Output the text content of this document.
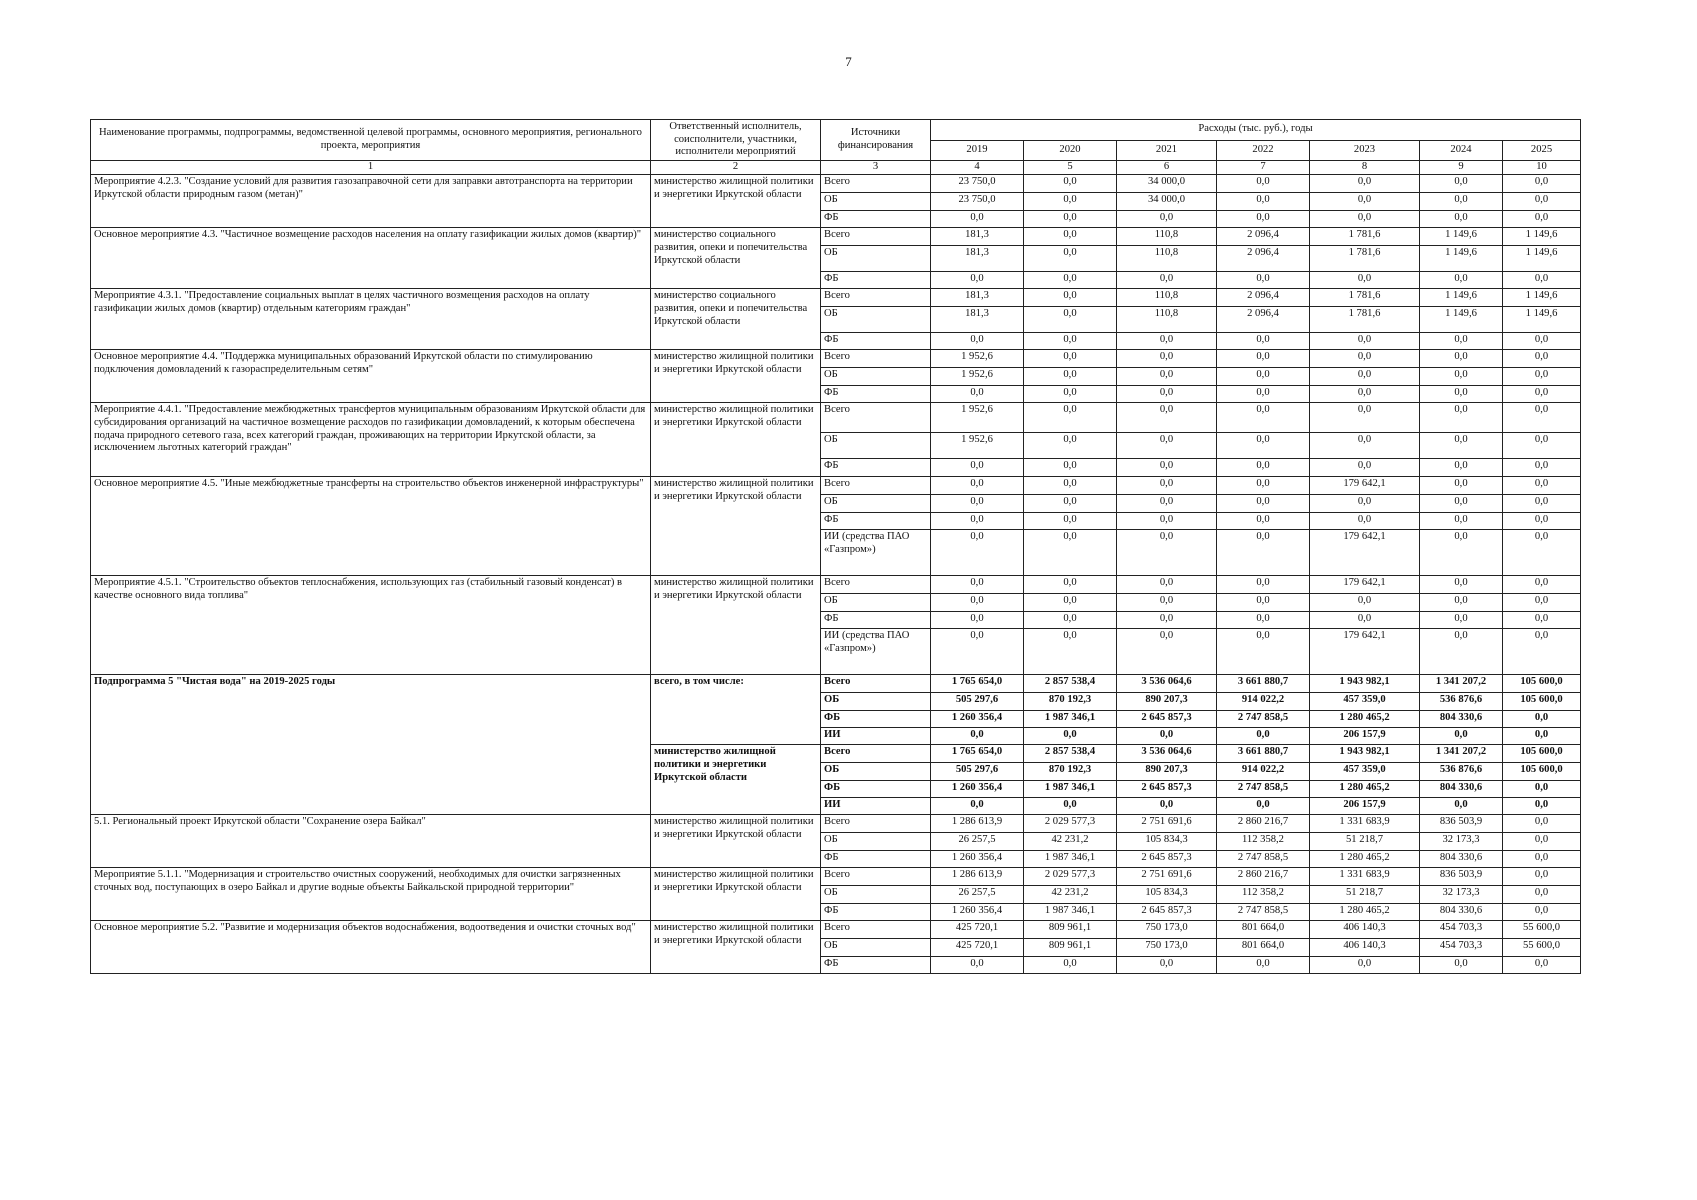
7
Наименование программы, подпрограммы, ведомственной целевой программы, основного мероприятия, регионального проекта, мероприятия	Ответственный исполнитель, соисполнители, участники, исполнители мероприятий	Источники финансирования	Расходы (тыс. руб.), годы						
			2019	2020	2021	2022	2023	2024	2025
1	2	3	4	5	6	7	8	9	10
Мероприятие 4.2.3. "Создание условий для развития газозаправочной сети для заправки автотранспорта на территории Иркутской области природным газом (метан)"	министерство жилищной политики и энергетики Иркутской области	Всего	23 750,0	0,0	34 000,0	0,0	0,0	0,0	0,0
		ОБ	23 750,0	0,0	34 000,0	0,0	0,0	0,0	0,0
		ФБ	0,0	0,0	0,0	0,0	0,0	0,0	0,0
Основное мероприятие 4.3. "Частичное возмещение расходов населения на оплату газификации жилых домов (квартир)"	министерство социального развития, опеки и попечительства Иркутской области	Всего	181,3	0,0	110,8	2 096,4	1 781,6	1 149,6	1 149,6
		ОБ	181,3	0,0	110,8	2 096,4	1 781,6	1 149,6	1 149,6
		ФБ	0,0	0,0	0,0	0,0	0,0	0,0	0,0
Мероприятие 4.3.1. "Предоставление социальных выплат в целях частичного возмещения расходов на оплату газификации жилых домов (квартир) отдельным категориям граждан"	министерство социального развития, опеки и попечительства Иркутской области	Всего	181,3	0,0	110,8	2 096,4	1 781,6	1 149,6	1 149,6
		ОБ	181,3	0,0	110,8	2 096,4	1 781,6	1 149,6	1 149,6
		ФБ	0,0	0,0	0,0	0,0	0,0	0,0	0,0
Основное мероприятие 4.4. "Поддержка муниципальных образований Иркутской области по стимулированию подключения домовладений к газораспределительным сетям"	министерство жилищной политики и энергетики Иркутской области	Всего	1 952,6	0,0	0,0	0,0	0,0	0,0	0,0
		ОБ	1 952,6	0,0	0,0	0,0	0,0	0,0	0,0
		ФБ	0,0	0,0	0,0	0,0	0,0	0,0	0,0
Мероприятие 4.4.1. "Предоставление межбюджетных трансфертов муниципальным образованиям Иркутской области для субсидирования организаций на частичное возмещение расходов по газификации домовладений, к которым обеспечена подача природного сетевого газа, всех категорий граждан, проживающих на территории Иркутской области, за исключением льготных категорий граждан"	министерство жилищной политики и энергетики Иркутской области	Всего	1 952,6	0,0	0,0	0,0	0,0	0,0	0,0
		ОБ	1 952,6	0,0	0,0	0,0	0,0	0,0	0,0
		ФБ	0,0	0,0	0,0	0,0	0,0	0,0	0,0
Основное мероприятие 4.5. "Иные межбюджетные трансферты на строительство объектов инженерной инфраструктуры"	министерство жилищной политики и энергетики Иркутской области	Всего	0,0	0,0	0,0	0,0	179 642,1	0,0	0,0
		ОБ	0,0	0,0	0,0	0,0	0,0	0,0	0,0
		ФБ	0,0	0,0	0,0	0,0	0,0	0,0	0,0
		ИИ (средства ПАО «Газпром»)	0,0	0,0	0,0	0,0	179 642,1	0,0	0,0
Мероприятие 4.5.1. "Строительство объектов теплоснабжения, использующих газ (стабильный газовый конденсат) в качестве основного вида топлива"	министерство жилищной политики и энергетики Иркутской области	Всего	0,0	0,0	0,0	0,0	179 642,1	0,0	0,0
		ОБ	0,0	0,0	0,0	0,0	0,0	0,0	0,0
		ФБ	0,0	0,0	0,0	0,0	0,0	0,0	0,0
		ИИ (средства ПАО «Газпром»)	0,0	0,0	0,0	0,0	179 642,1	0,0	0,0
Подпрограмма 5 "Чистая вода" на 2019-2025 годы	всего, в том числе:	Всего	1 765 654,0	2 857 538,4	3 536 064,6	3 661 880,7	1 943 982,1	1 341 207,2	105 600,0
		ОБ	505 297,6	870 192,3	890 207,3	914 022,2	457 359,0	536 876,6	105 600,0
		ФБ	1 260 356,4	1 987 346,1	2 645 857,3	2 747 858,5	1 280 465,2	804 330,6	0,0
		ИИ	0,0	0,0	0,0	0,0	206 157,9	0,0	0,0
	министерство жилищной политики и энергетики Иркутской области	Всего	1 765 654,0	2 857 538,4	3 536 064,6	3 661 880,7	1 943 982,1	1 341 207,2	105 600,0
		ОБ	505 297,6	870 192,3	890 207,3	914 022,2	457 359,0	536 876,6	105 600,0
		ФБ	1 260 356,4	1 987 346,1	2 645 857,3	2 747 858,5	1 280 465,2	804 330,6	0,0
		ИИ	0,0	0,0	0,0	0,0	206 157,9	0,0	0,0
5.1. Региональный проект Иркутской области "Сохранение озера Байкал"	министерство жилищной политики и энергетики Иркутской области	Всего	1 286 613,9	2 029 577,3	2 751 691,6	2 860 216,7	1 331 683,9	836 503,9	0,0
		ОБ	26 257,5	42 231,2	105 834,3	112 358,2	51 218,7	32 173,3	0,0
		ФБ	1 260 356,4	1 987 346,1	2 645 857,3	2 747 858,5	1 280 465,2	804 330,6	0,0
Мероприятие 5.1.1. "Модернизация и строительство очистных сооружений, необходимых для очистки загрязненных сточных вод, поступающих в озеро Байкал и другие водные объекты Байкальской природной территории"	министерство жилищной политики и энергетики Иркутской области	Всего	1 286 613,9	2 029 577,3	2 751 691,6	2 860 216,7	1 331 683,9	836 503,9	0,0
		ОБ	26 257,5	42 231,2	105 834,3	112 358,2	51 218,7	32 173,3	0,0
		ФБ	1 260 356,4	1 987 346,1	2 645 857,3	2 747 858,5	1 280 465,2	804 330,6	0,0
Основное мероприятие 5.2. "Развитие и модернизация объектов водоснабжения, водоотведения и очистки сточных вод"	министерство жилищной политики и энергетики Иркутской области	Всего	425 720,1	809 961,1	750 173,0	801 664,0	406 140,3	454 703,3	55 600,0
		ОБ	425 720,1	809 961,1	750 173,0	801 664,0	406 140,3	454 703,3	55 600,0
		ФБ	0,0	0,0	0,0	0,0	0,0	0,0	0,0
